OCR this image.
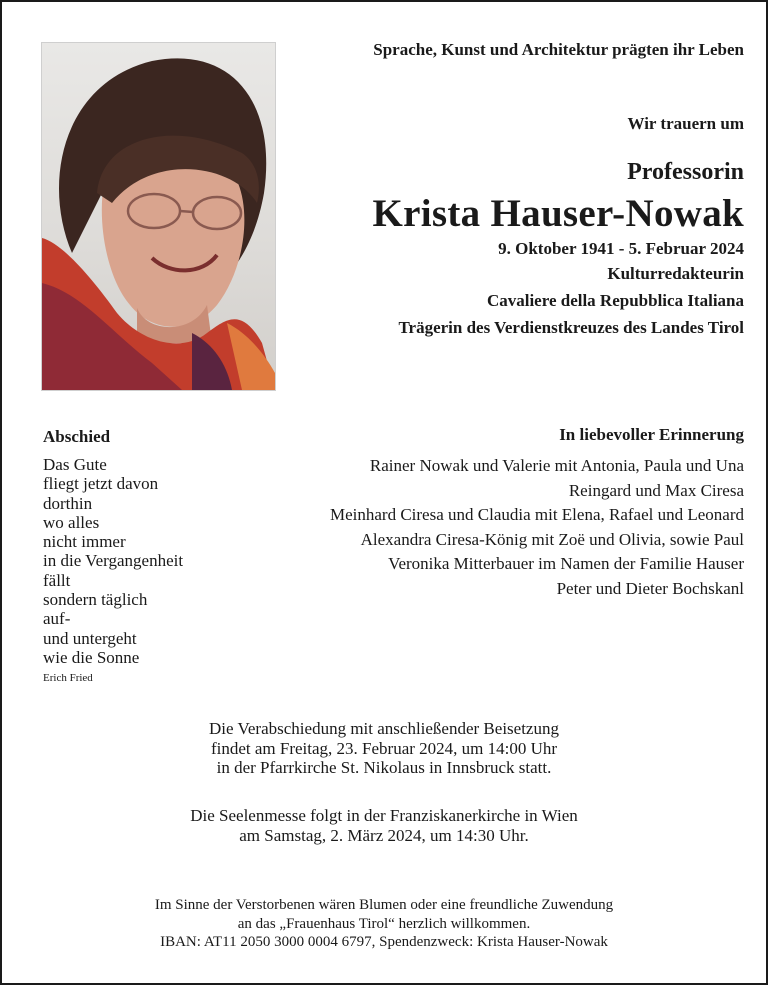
Sprache, Kunst und Architektur prägten ihr Leben
Wir trauern um
Professorin
Krista Hauser-Nowak
9. Oktober 1941 - 5. Februar 2024
Kulturredakteurin
Cavaliere della Repubblica Italiana
Trägerin des Verdienstkreuzes des Landes Tirol
Abschied
Das Gute
fliegt jetzt davon
dorthin
wo alles
nicht immer
in die Vergangenheit
fällt
sondern täglich
auf-
und untergeht
wie die Sonne
Erich Fried
In liebevoller Erinnerung
Rainer Nowak und Valerie mit Antonia, Paula und Una
Reingard und Max Ciresa
Meinhard Ciresa und Claudia mit Elena, Rafael und Leonard
Alexandra Ciresa-König mit Zoë und Olivia, sowie Paul
Veronika Mitterbauer im Namen der Familie Hauser
Peter und Dieter Bochskanl
Die Verabschiedung mit anschließender Beisetzung
findet am Freitag, 23. Februar 2024, um 14:00 Uhr
in der Pfarrkirche St. Nikolaus in Innsbruck statt.
Die Seelenmesse folgt in der Franziskanerkirche in Wien
am Samstag, 2. März 2024, um 14:30 Uhr.
Im Sinne der Verstorbenen wären Blumen oder eine freundliche Zuwendung
an das „Frauenhaus Tirol“ herzlich willkommen.
IBAN: AT11 2050 3000 0004 6797, Spendenzweck: Krista Hauser-Nowak
